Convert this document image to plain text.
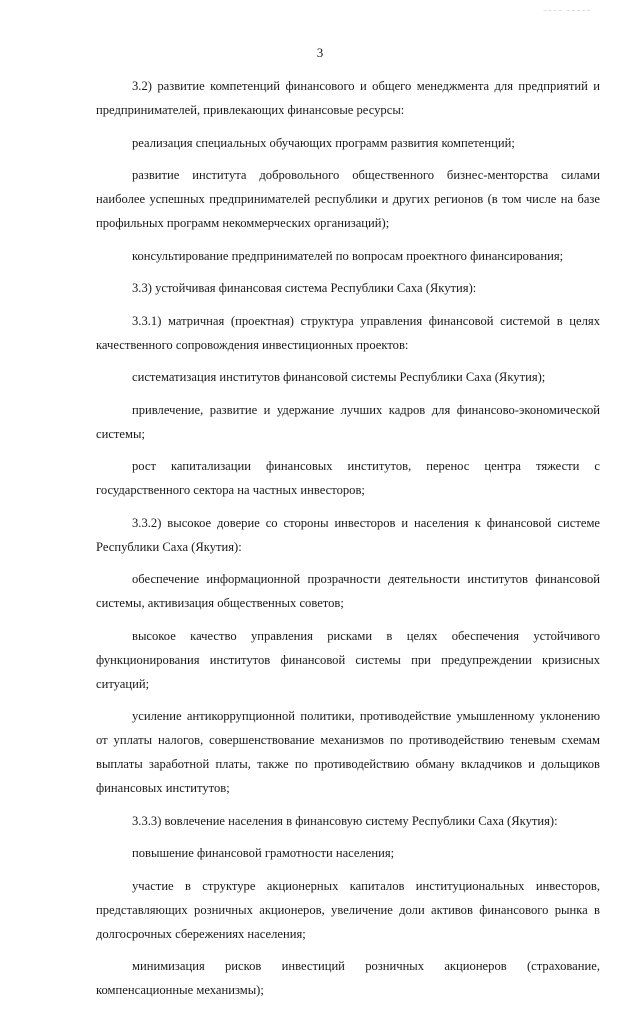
____ _____
3

3.2) развитие компетенций финансового и общего менеджмента для предприятий и предпринимателей, привлекающих финансовые ресурсы:

реализация специальных обучающих программ развития компетенций;

развитие института добровольного общественного бизнес-менторства силами наиболее успешных предпринимателей республики и других регионов (в том числе на базе профильных программ некоммерческих организаций);

консультирование предпринимателей по вопросам проектного финансирования;

3.3) устойчивая финансовая система Республики Саха (Якутия):

3.3.1) матричная (проектная) структура управления финансовой системой в целях качественного сопровождения инвестиционных проектов:

систематизация институтов финансовой системы Республики Саха (Якутия);

привлечение, развитие и удержание лучших кадров для финансово-экономической системы;

рост капитализации финансовых институтов, перенос центра тяжести с государственного сектора на частных инвесторов;

3.3.2) высокое доверие со стороны инвесторов и населения к финансовой системе Республики Саха (Якутия):

обеспечение информационной прозрачности деятельности институтов финансовой системы, активизация общественных советов;

высокое качество управления рисками в целях обеспечения устойчивого функционирования институтов финансовой системы при предупреждении кризисных ситуаций;

усиление антикоррупционной политики, противодействие умышленному уклонению от уплаты налогов, совершенствование механизмов по противодействию теневым схемам выплаты заработной платы, также по противодействию обману вкладчиков и дольщиков финансовых институтов;

3.3.3) вовлечение населения в финансовую систему Республики Саха (Якутия):

повышение финансовой грамотности населения;

участие в структуре акционерных капиталов институциональных инвесторов, представляющих розничных акционеров, увеличение доли активов финансового рынка в долгосрочных сбережениях населения;

минимизация рисков инвестиций розничных акционеров (страхование, компенсационные механизмы);
